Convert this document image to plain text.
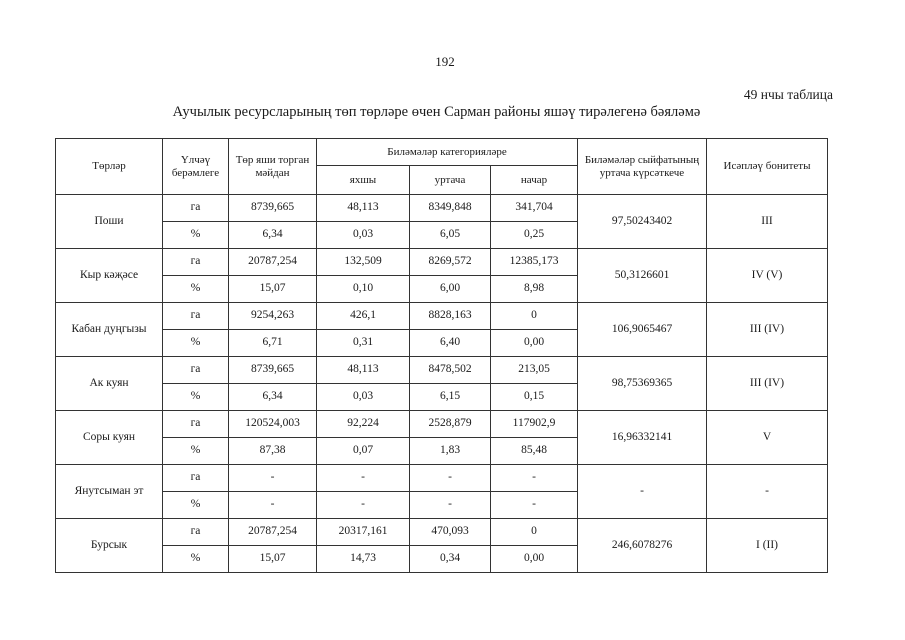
192
49 нчы таблица
Аучылык ресурсларының төп төрләре өчен Сарман районы яшәү тирәлегенә бәяләмә
Төрләр	Үлчәү берәмлеге	Төр яши торган мәйдан	Биләмәләр категорияләре			Биләмәләр сыйфатының уртача күрсәткече	Исәпләү бонитеты
			яхшы	уртача	начар		
Поши	га	8739,665	48,113	8349,848	341,704	97,50243402	III
	%	6,34	0,03	6,05	0,25		
Кыр кәҗәсе	га	20787,254	132,509	8269,572	12385,173	50,3126601	IV (V)
	%	15,07	0,10	6,00	8,98		
Кабан дуңгызы	га	9254,263	426,1	8828,163	0	106,9065467	III (IV)
	%	6,71	0,31	6,40	0,00		
Ак куян	га	8739,665	48,113	8478,502	213,05	98,75369365	III (IV)
	%	6,34	0,03	6,15	0,15		
Соры куян	га	120524,003	92,224	2528,879	117902,9	16,96332141	V
	%	87,38	0,07	1,83	85,48		
Янутсыман эт	га	-	-	-	-	-	-
	%	-	-	-	-		
Бурсык	га	20787,254	20317,161	470,093	0	246,6078276	I (II)
	%	15,07	14,73	0,34	0,00		
